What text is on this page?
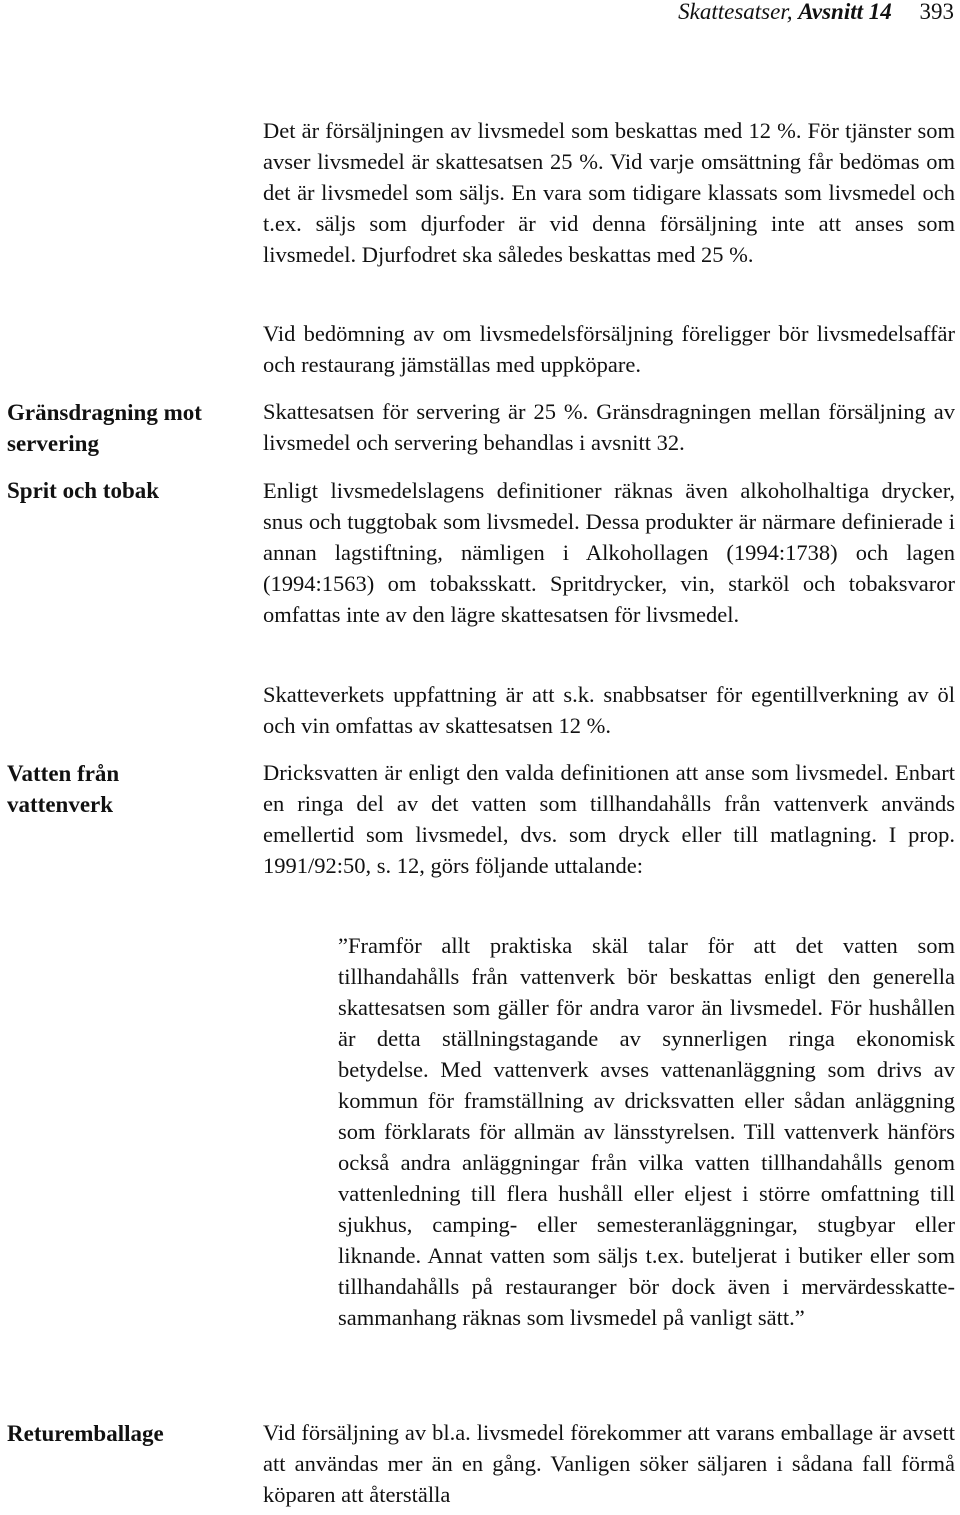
Skattesatser, Avsnitt 14 393
Gränsdragning mot servering
Sprit och tobak
Vatten från vattenverk
Returemballage

Det är försäljningen av livsmedel som beskattas med 12 %. För tjänster som avser livsmedel är skattesatsen 25 %. Vid varje omsättning får bedömas om det är livsmedel som säljs. En vara som tidigare klassats som livsmedel och t.ex. säljs som djurfoder är vid denna försäljning inte att anses som livsmedel. Djurfodret ska således beskattas med 25 %.

Vid bedömning av om livsmedelsförsäljning föreligger bör livsmedelsaffär och restaurang jämställas med uppköpare.

Skattesatsen för servering är 25 %. Gränsdragningen mellan försäljning av livsmedel och servering behandlas i avsnitt 32.

Enligt livsmedelslagens definitioner räknas även alkoholhaltiga drycker, snus och tuggtobak som livsmedel. Dessa produkter är närmare definierade i annan lagstiftning, nämligen i Alkohollagen (1994:1738) och lagen (1994:1563) om tobaksskatt. Spritdrycker, vin, starköl och tobaksvaror omfattas inte av den lägre skattesatsen för livsmedel.

Skatteverkets uppfattning är att s.k. snabbsatser för egentillverkning av öl och vin omfattas av skattesatsen 12 %.

Dricksvatten är enligt den valda definitionen att anse som livsmedel. Enbart en ringa del av det vatten som tillhandahålls från vattenverk används emellertid som livsmedel, dvs. som dryck eller till matlagning. I prop. 1991/92:50, s. 12, görs följande uttalande:

”Framför allt praktiska skäl talar för att det vatten som tillhandahålls från vattenverk bör beskattas enligt den generella skattesatsen som gäller för andra varor än livsmedel. För hushållen är detta ställningstagande av synnerligen ringa ekonomisk betydelse. Med vattenverk avses vattenanläggning som drivs av kommun för framställning av dricksvatten eller sådan anläggning som förklarats för allmän av länsstyrelsen. Till vattenverk hänförs också andra anläggningar från vilka vatten tillhandahålls genom vattenledning till flera hushåll eller eljest i större omfattning till sjukhus, camping- eller semesteranläggningar, stugbyar eller liknande. Annat vatten som säljs t.ex. buteljerat i butiker eller som tillhandahålls på restauranger bör dock även i mervärdesskattesammanhang räknas som livsmedel på vanligt sätt.”

Vid försäljning av bl.a. livsmedel förekommer att varans emballage är avsett att användas mer än en gång. Vanligen söker säljaren i sådana fall förmå köparen att återställa
